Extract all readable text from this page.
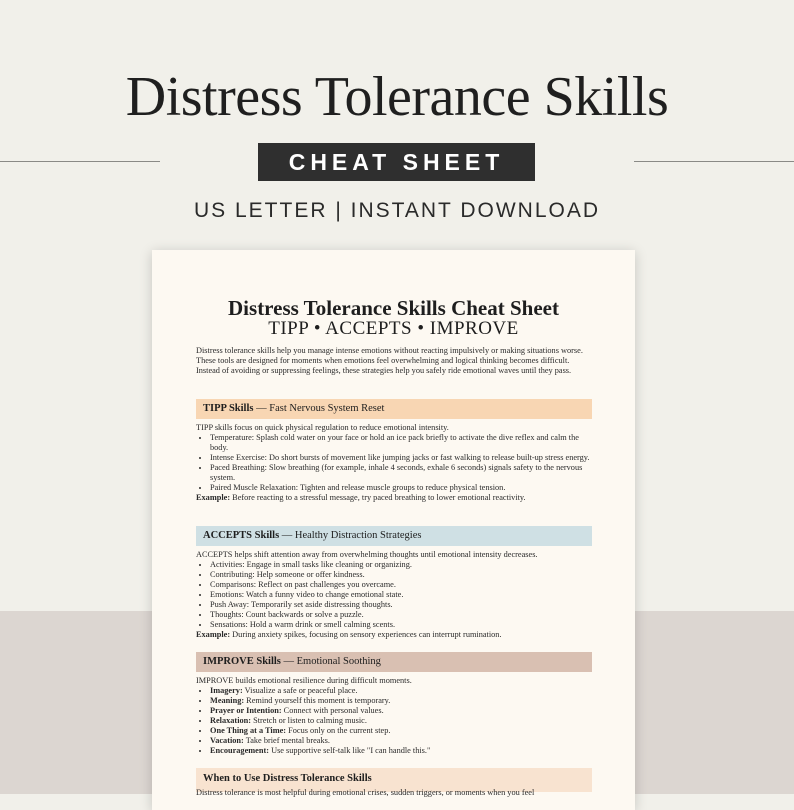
Distress Tolerance Skills
CHEAT SHEET
US LETTER | INSTANT DOWNLOAD
Distress Tolerance Skills Cheat Sheet
TIPP • ACCEPTS • IMPROVE
Distress tolerance skills help you manage intense emotions without reacting impulsively or making situations worse. These tools are designed for moments when emotions feel overwhelming and logical thinking becomes difficult. Instead of avoiding or suppressing feelings, these strategies help you safely ride emotional waves until they pass.
TIPP Skills — Fast Nervous System Reset
TIPP skills focus on quick physical regulation to reduce emotional intensity.
• Temperature: Splash cold water on your face or hold an ice pack briefly to activate the dive reflex and calm the body.
• Intense Exercise: Do short bursts of movement like jumping jacks or fast walking to release built-up stress energy.
• Paced Breathing: Slow breathing (for example, inhale 4 seconds, exhale 6 seconds) signals safety to the nervous system.
• Paired Muscle Relaxation: Tighten and release muscle groups to reduce physical tension.
Example: Before reacting to a stressful message, try paced breathing to lower emotional reactivity.
ACCEPTS Skills — Healthy Distraction Strategies
ACCEPTS helps shift attention away from overwhelming thoughts until emotional intensity decreases.
• Activities: Engage in small tasks like cleaning or organizing.
• Contributing: Help someone or offer kindness.
• Comparisons: Reflect on past challenges you overcame.
• Emotions: Watch a funny video to change emotional state.
• Push Away: Temporarily set aside distressing thoughts.
• Thoughts: Count backwards or solve a puzzle.
• Sensations: Hold a warm drink or smell calming scents.
Example: During anxiety spikes, focusing on sensory experiences can interrupt rumination.
IMPROVE Skills — Emotional Soothing
IMPROVE builds emotional resilience during difficult moments.
• Imagery: Visualize a safe or peaceful place.
• Meaning: Remind yourself this moment is temporary.
• Prayer or Intention: Connect with personal values.
• Relaxation: Stretch or listen to calming music.
• One Thing at a Time: Focus only on the current step.
• Vacation: Take brief mental breaks.
• Encouragement: Use supportive self-talk like "I can handle this."
When to Use Distress Tolerance Skills
Distress tolerance is most helpful during emotional crises, sudden triggers, or moments when you feel
